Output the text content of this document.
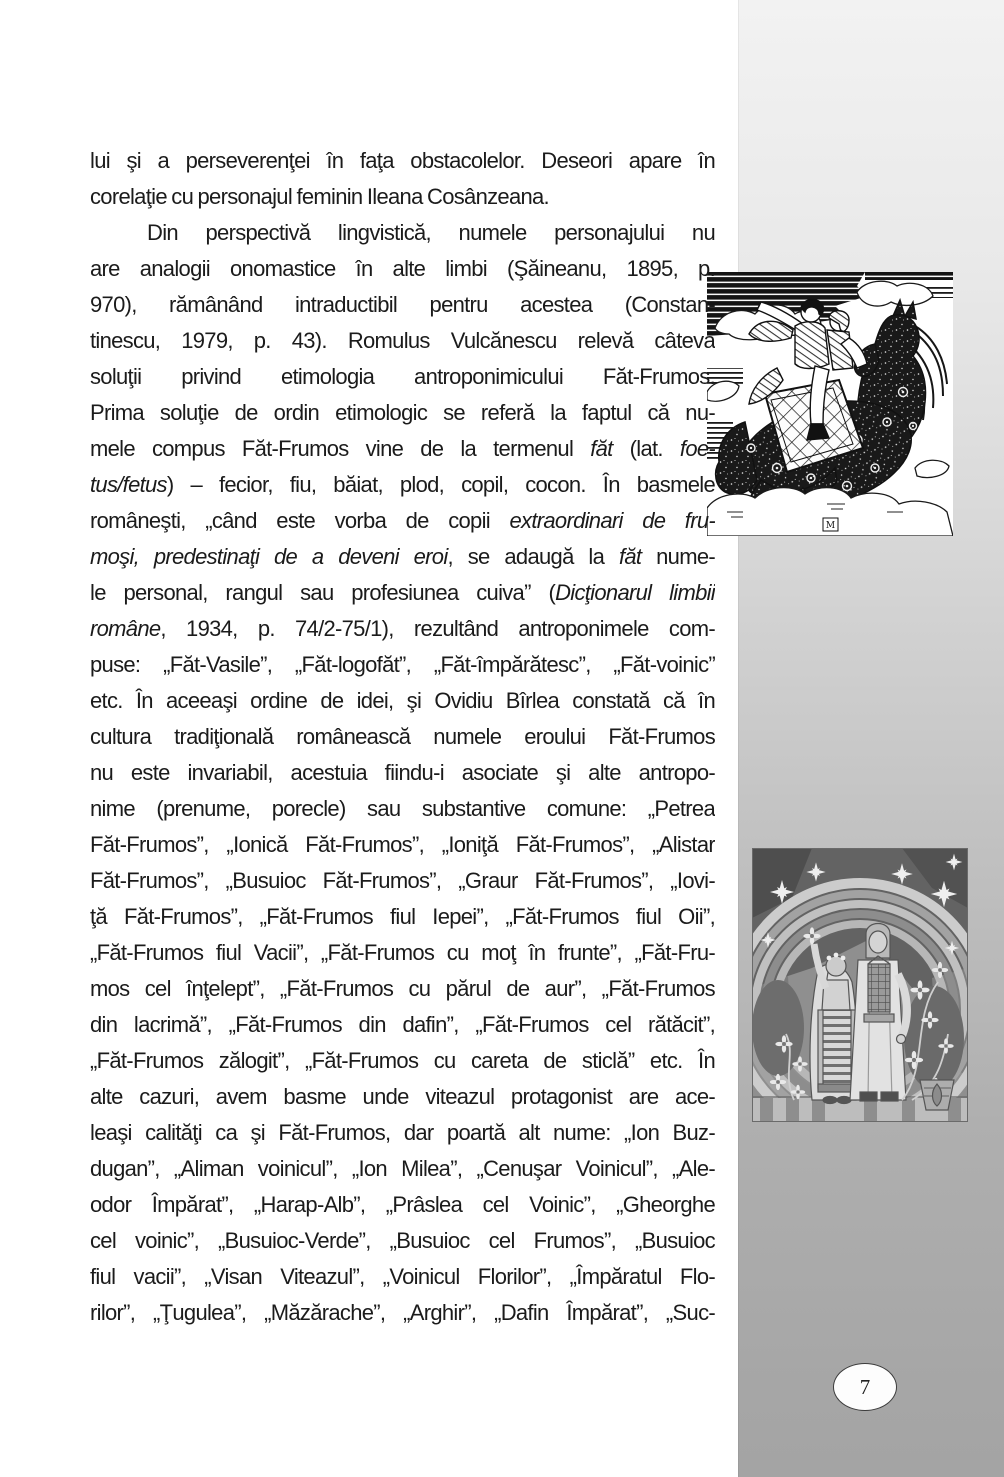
M
lui şi a perseverenţei în faţa obstacolelor. Deseori apare în
corelaţie cu personajul feminin Ileana Cosânzeana.
Din perspectivă lingvistică, numele personajului nu
are analogii onomastice în alte limbi (Şăineanu, 1895, p.
970), rămânând intraductibil pentru acestea (Constan-
tinescu, 1979, p. 43). Romulus Vulcănescu relevă câteva
soluţii privind etimologia antroponimicului Făt-Frumos.
Prima soluţie de ordin etimologic se referă la faptul că nu-
mele compus Făt-Frumos vine de la termenul făt (lat. foe-
tus/fetus) – fecior, fiu, băiat, plod, copil, cocon. În basmele
româneşti, „când este vorba de copii extraordinari de fru-
moşi, predestinaţi de a deveni eroi, se adaugă la făt nume-
le personal, rangul sau profesiunea cuiva” (Dicţionarul limbii
române, 1934, p. 74/2-75/1), rezultând antroponimele com-
puse: „Făt-Vasile”, „Făt-logofăt”, „Făt-împărătesc”, „Făt-voinic”
etc. În aceeaşi ordine de idei, şi Ovidiu Bîrlea constată că în
cultura tradiţională românească numele eroului Făt-Frumos
nu este invariabil, acestuia fiindu-i asociate şi alte antropo-
nime (prenume, porecle) sau substantive comune: „Petrea
Făt-Frumos”, „Ionică Făt-Frumos”, „Ioniţă Făt-Frumos”, „Alistar
Făt-Frumos”, „Busuioc Făt-Frumos”, „Graur Făt-Frumos”, „Iovi-
ţă Făt-Frumos”, „Făt-Frumos fiul Iepei”, „Făt-Frumos fiul Oii”,
„Făt-Frumos fiul Vacii”, „Făt-Frumos cu moţ în frunte”, „Făt-Fru-
mos cel înţelept”, „Făt-Frumos cu părul de aur”, „Făt-Frumos
din lacrimă”, „Făt-Frumos din dafin”, „Făt-Frumos cel rătăcit”,
„Făt-Frumos zălogit”, „Făt-Frumos cu careta de sticlă” etc. În
alte cazuri, avem basme unde viteazul protagonist are ace-
leaşi calităţi ca şi Făt-Frumos, dar poartă alt nume: „Ion Buz-
dugan”, „Aliman voinicul”, „Ion Milea”, „Cenuşar Voinicul”, „Ale-
odor Împărat”, „Harap-Alb”, „Prâslea cel Voinic”, „Gheorghe
cel voinic”, „Busuioc-Verde”, „Busuioc cel Frumos”, „Busuioc
fiul vacii”, „Visan Viteazul”, „Voinicul Florilor”, „Împăratul Flo-
rilor”, „Ţugulea”, „Măzărache”, „Arghir”, „Dafin Împărat”, „Suc-
7
